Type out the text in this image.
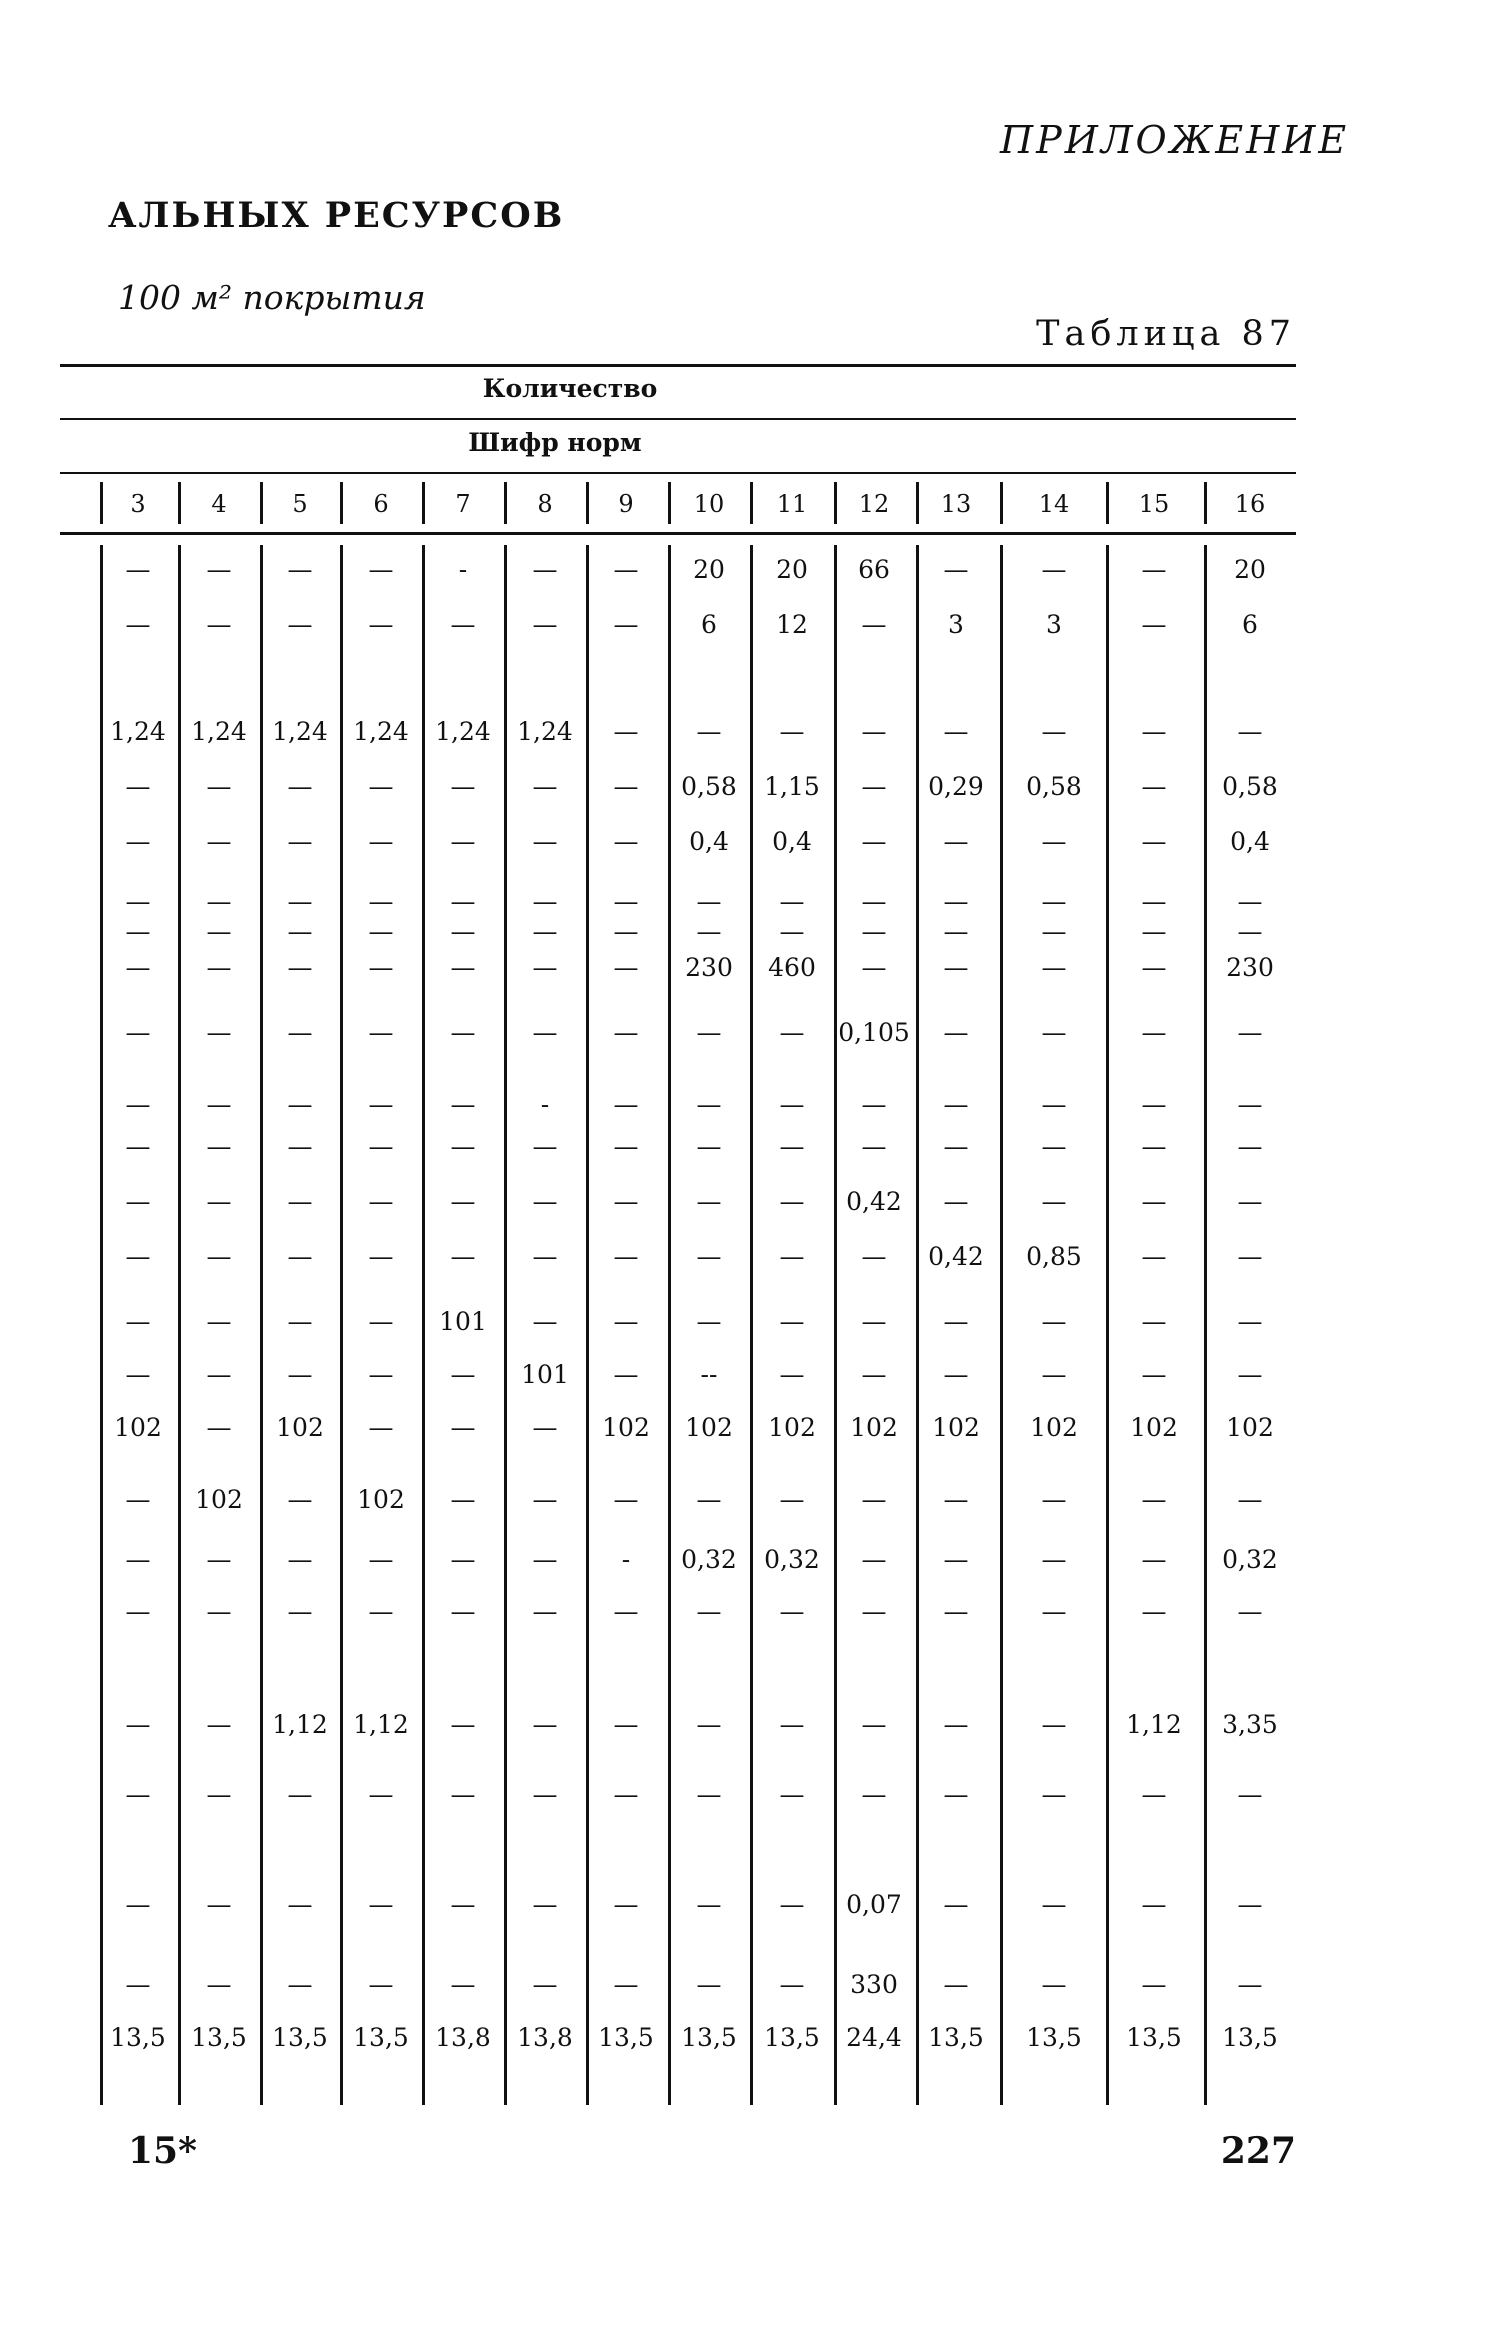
ПРИЛОЖЕНИЕ
АЛЬНЫХ РЕСУРСОВ
100 м² покрытия
Таблица 87
Количество
Шифр норм
3	4	5	6	7	8	9	10	11	12	13	14	15	16
—	—	—	—	-	—	—	20	20	66	—	—	—	20
—	—	—	—	—	—	—	6	12	—	3	3	—	6
1,24	1,24	1,24	1,24	1,24	1,24	—	—	—	—	—	—	—	—
—	—	—	—	—	—	—	0,58	1,15	—	0,29	0,58	—	0,58
—	—	—	—	—	—	—	0,4	0,4	—	—	—	—	0,4
—	—	—	—	—	—	—	—	—	—	—	—	—	—
—	—	—	—	—	—	—	—	—	—	—	—	—	—
—	—	—	—	—	—	—	230	460	—	—	—	—	230
—	—	—	—	—	—	—	—	—	0,105	—	—	—	—
—	—	—	—	—	-	—	—	—	—	—	—	—	—
—	—	—	—	—	—	—	—	—	—	—	—	—	—
—	—	—	—	—	—	—	—	—	0,42	—	—	—	—
—	—	—	—	—	—	—	—	—	—	0,42	0,85	—	—
—	—	—	—	101	—	—	—	—	—	—	—	—	—
—	—	—	—	—	101	—	--	—	—	—	—	—	—
102	—	102	—	—	—	102	102	102	102	102	102	102	102
—	102	—	102	—	—	—	—	—	—	—	—	—	—
—	—	—	—	—	—	-	0,32	0,32	—	—	—	—	0,32
—	—	—	—	—	—	—	—	—	—	—	—	—	—
—	—	1,12	1,12	—	—	—	—	—	—	—	—	1,12	3,35
—	—	—	—	—	—	—	—	—	—	—	—	—	—
—	—	—	—	—	—	—	—	—	0,07	—	—	—	—
—	—	—	—	—	—	—	—	—	330	—	—	—	—
13,5	13,5	13,5	13,5	13,8	13,8	13,5	13,5	13,5	24,4	13,5	13,5	13,5	13,5
15*	227
